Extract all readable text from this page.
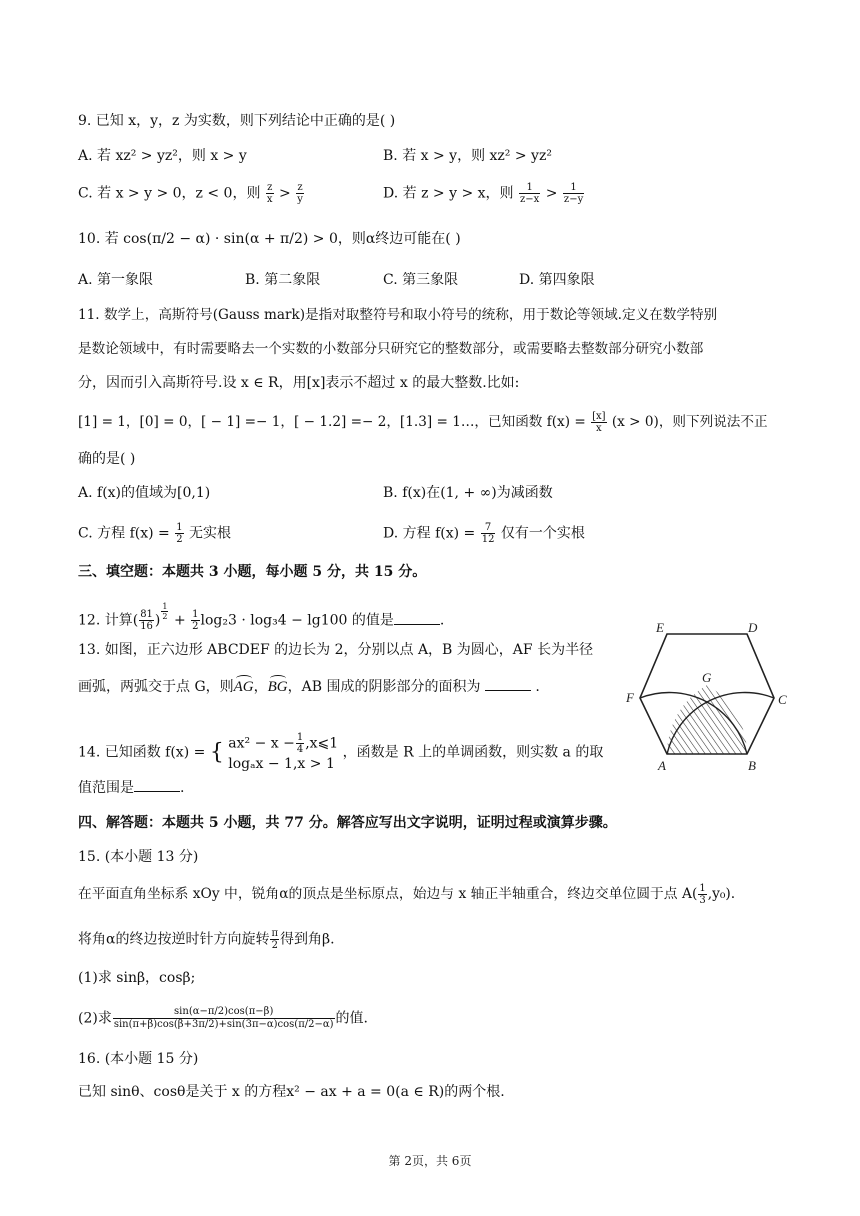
9. 已知 x，y，z 为实数，则下列结论中正确的是( )
A. 若 xz² > yz²，则 x > y	B. 若 x > y，则 xz² > yz²
C. 若 x > y > 0，z < 0，则 $\frac{z}{x} > \frac{z}{y}$	D. 若 z > y > x，则 $\frac{1}{z-x} > \frac{1}{z-y}$
10. 若 cos(π/2 − α) · sin(α + π/2) > 0，则α终边可能在( )
A. 第一象限	B. 第二象限	C. 第三象限	D. 第四象限
11. 数学上，高斯符号(Gauss mark)是指对取整符号和取小符号的统称，用于数论等领域.定义在数学特别
是数论领域中，有时需要略去一个实数的小数部分只研究它的整数部分，或需要略去整数部分研究小数部
分，因而引入高斯符号.设 x ∈ R，用[x]表示不超过 x 的最大整数.比如:
[1] = 1，[0] = 0，[ − 1] =− 1，[ − 1.2] =− 2，[1.3] = 1…，已知函数 $f(x) = \frac{[x]}{x} (x > 0)$，则下列说法不正
确的是( )
A. f(x)的值域为[0,1)	B. f(x)在(1, + ∞)为减函数
C. 方程 $f(x) = \frac{1}{2}$ 无实根	D. 方程 $f(x) = \frac{7}{12}$ 仅有一个实根
三、填空题：本题共 3 小题，每小题 5 分，共 15 分。
12. 计算( $\frac{81}{16}$ ) $\frac{1}{2} + \frac{1}{2} \log_23 \cdot \log_34 - \lg 100$ 的值是	.
13. 如图，正六边形 ABCDEF 的边长为 2，分别以点 A，B 为圆心，AF 长为半径
画弧，两弧交于点 G，则
AG，
BG，AB 围成的阴影部分的面积为	.
14. 已知函数 f(x) = { $ax^2 - x - \frac{1}{4}$ ,x⩽1
logₐx − 1,x > 1
，函数是 R 上的单调函数，则实数 a 的取
值范围是	.
E	D
F
G
C
A	B
四、解答题：本题共 5 小题，共 77 分。解答应写出文字说明，证明过程或演算步骤。
15. (本小题 13 分)
在平面直角坐标系 xOy 中，锐角α的顶点是坐标原点，始边与 x 轴正半轴重合，终边交单位圆于点 $A( \frac{1}{3} ,y_0)$.
将角α的终边按逆时针方向旋转 $\frac{\pi}{2}$ 得到角β.
(1)求 sinβ，cosβ;
(2)求 $\frac{\sin(\alpha-\pi/2)\cos(\pi-\beta)}{\sin(\pi+\beta)\cos(\beta+3\pi/2)+\sin(3\pi-\alpha)\cos(\pi/2-\alpha)}$ 的值.
16. (本小题 15 分)
已知 sinθ、cosθ是关于 x 的方程x² − ax + a = 0(a ∈ R)的两个根.
第 2页，共 6页
